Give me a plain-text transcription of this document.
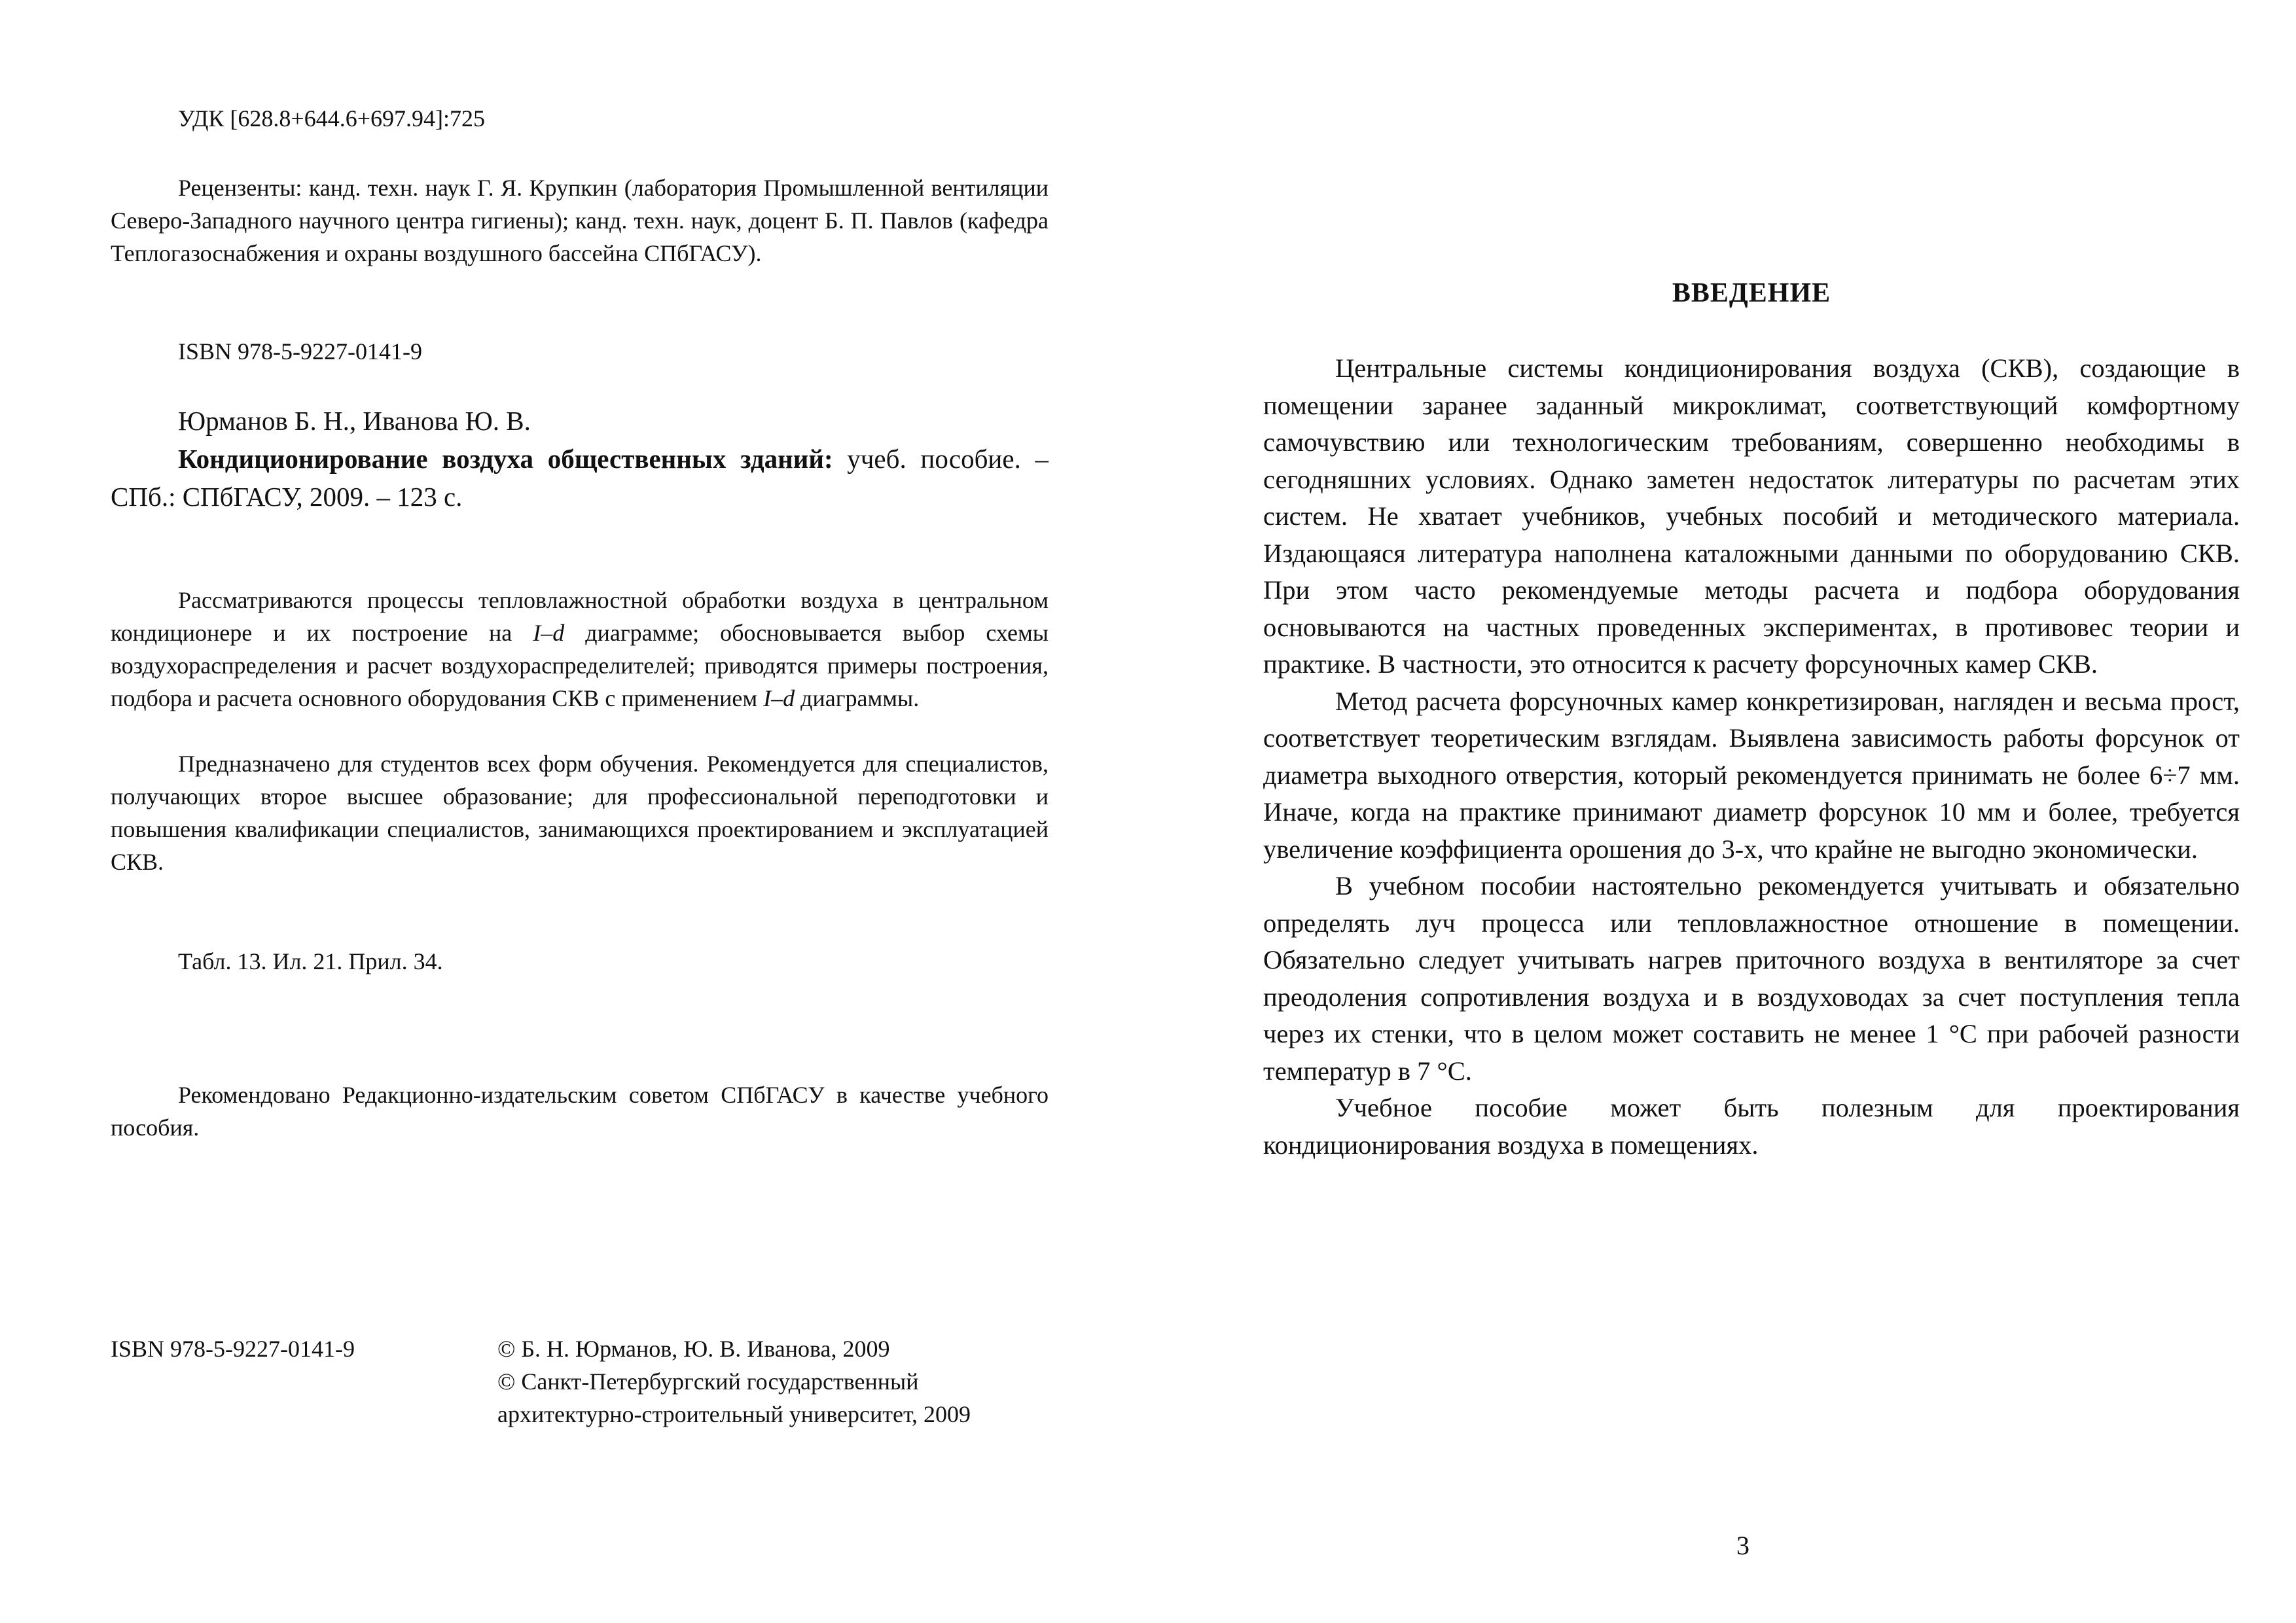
УДК [628.8+644.6+697.94]:725

Рецензенты: канд. техн. наук Г. Я. Крупкин (лаборатория Промышленной вентиляции Северо-Западного научного центра гигиены); канд. техн. наук, доцент Б. П. Павлов (кафедра Теплогазоснабжения и охраны воздушного бассейна СПбГАСУ).

ISBN 978-5-9227-0141-9

Юрманов Б. Н., Иванова Ю. В.

Кондиционирование воздуха общественных зданий: учеб. пособие. – СПб.: СПбГАСУ, 2009. – 123 с.

Рассматриваются процессы тепловлажностной обработки воздуха в центральном кондиционере и их построение на I–d диаграмме; обосновывается выбор схемы воздухораспределения и расчет воздухораспределителей; приводятся примеры построения, подбора и расчета основного оборудования СКВ с применением I–d диаграммы.

Предназначено для студентов всех форм обучения. Рекомендуется для специалистов, получающих второе высшее образование; для профессиональной переподготовки и повышения квалификации специалистов, занимающихся проектированием и эксплуатацией СКВ.

Табл. 13. Ил. 21. Прил. 34.

Рекомендовано Редакционно-издательским советом СПбГАСУ в качестве учебного пособия.

ISBN 978-5-9227-0141-9	© Б. Н. Юрманов, Ю. В. Иванова, 2009
© Санкт-Петербургский государственный
архитектурно-строительный университет, 2009
ВВЕДЕНИЕ

Центральные системы кондиционирования воздуха (СКВ), создающие в помещении заранее заданный микроклимат, соответствующий комфортному самочувствию или технологическим требованиям, совершенно необходимы в сегодняшних условиях. Однако заметен недостаток литературы по расчетам этих систем. Не хватает учебников, учебных пособий и методического материала. Издающаяся литература наполнена каталожными данными по оборудованию СКВ. При этом часто рекомендуемые методы расчета и подбора оборудования основываются на частных проведенных экспериментах, в противовес теории и практике. В частности, это относится к расчету форсуночных камер СКВ.

Метод расчета форсуночных камер конкретизирован, нагляден и весьма прост, соответствует теоретическим взглядам. Выявлена зависимость работы форсунок от диаметра выходного отверстия, который рекомендуется принимать не более 6÷7 мм. Иначе, когда на практике принимают диаметр форсунок 10 мм и более, требуется увеличение коэффициента орошения до 3-х, что крайне не выгодно экономически.

В учебном пособии настоятельно рекомендуется учитывать и обязательно определять луч процесса или тепловлажностное отношение в помещении. Обязательно следует учитывать нагрев приточного воздуха в вентиляторе за счет преодоления сопротивления воздуха и в воздуховодах за счет поступления тепла через их стенки, что в целом может составить не менее 1 °С при рабочей разности температур в 7 °С.

Учебное пособие может быть полезным для проектирования кондиционирования воздуха в помещениях.

3
